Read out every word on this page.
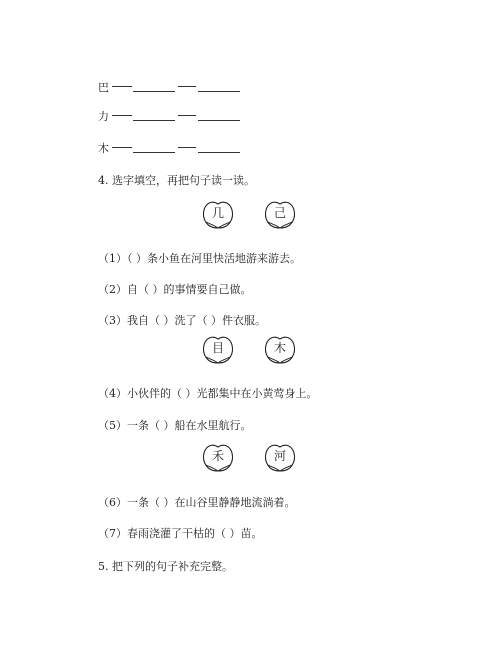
巴
力
木
4. 选字填空，再把句子读一读。
几	己
（1）（ ）条小鱼在河里快活地游来游去。
（2）自（ ）的事情要自己做。
（3）我自（ ）洗了（ ）件衣服。
目	木
（4）小伙伴的（ ）光都集中在小黄莺身上。
（5）一条（ ）船在水里航行。
禾	河
（6）一条（ ）在山谷里静静地流淌着。
（7）春雨浇灌了干枯的（ ）苗。
5. 把下列的句子补充完整。
